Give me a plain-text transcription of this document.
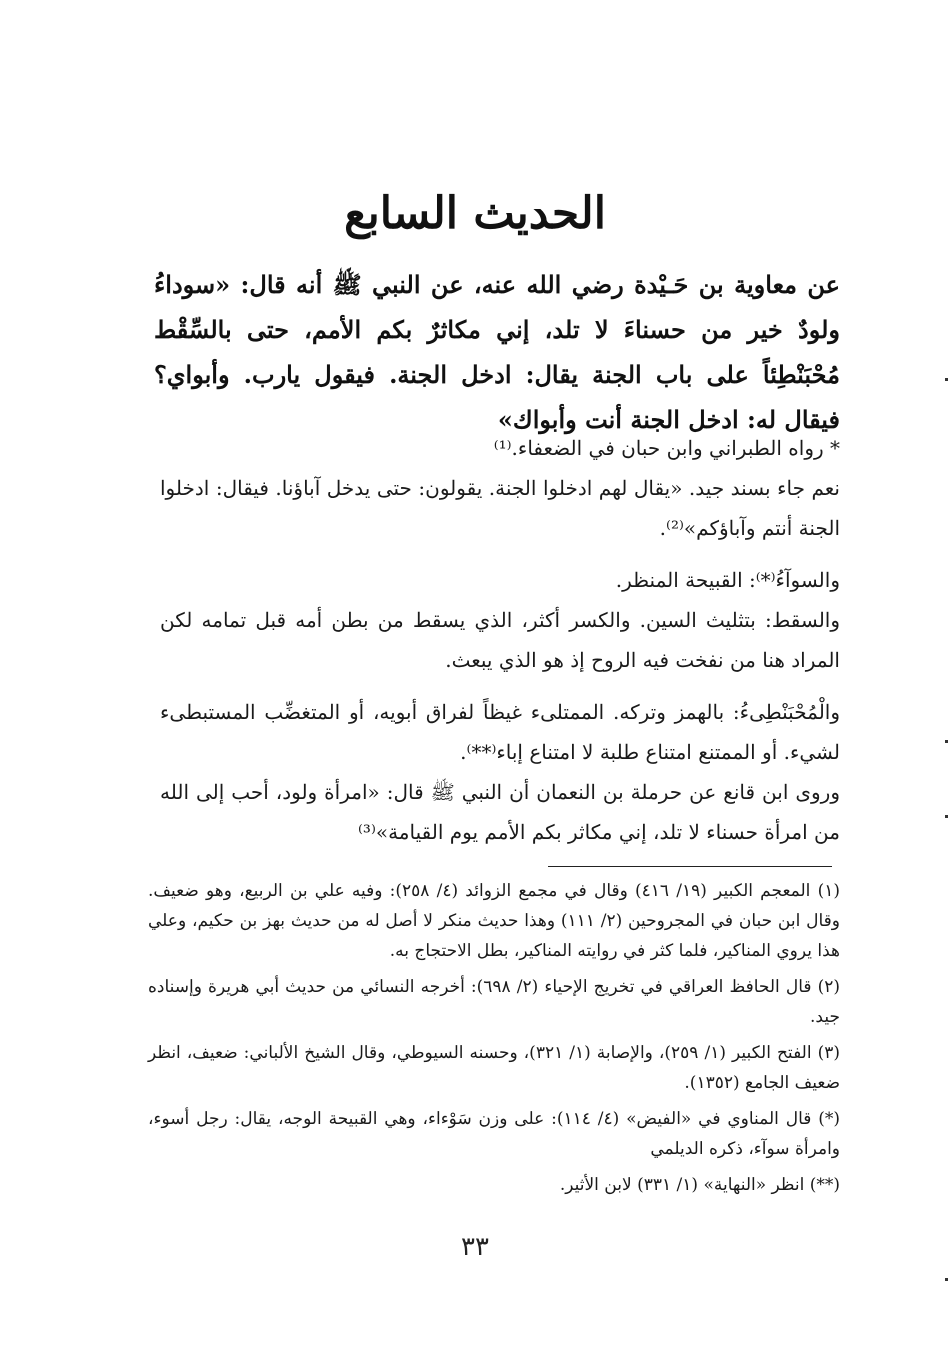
الحديث السابع

عن معاوية بن حَـيْدة رضي الله عنه، عن النبي ﷺ أنه قال: «سوداءُ ولودٌ خير من حسناءَ لا تلد، إني مكاثرٌ بكم الأمم، حتى بالسِّقْط مُحْبَنْطِئاً على باب الجنة يقال: ادخل الجنة. فيقول يارب. وأبواي؟ فيقال له: ادخل الجنة أنت وأبواك»

* رواه الطبراني وابن حبان في الضعفاء.⁽¹⁾

نعم جاء بسند جيد. «يقال لهم ادخلوا الجنة. يقولون: حتى يدخل آباؤنا. فيقال: ادخلوا الجنة أنتم وآباؤكم»⁽²⁾.

والسوآءُ⁽*⁾: القبيحة المنظر.

والسقط: بتثليث السين. والكسر أكثر، الذي يسقط من بطن أمه قبل تمامه لكن المراد هنا من نفخت فيه الروح إذ هو الذي يبعث.

والْمُحْبَنْطِىءُ: بالهمز وتركه. الممتلىء غيظاً لفراق أبويه، أو المتغضِّب المستبطىء لشيء. أو الممتنع امتناع طلبة لا امتناع إباء⁽**⁾.

وروى ابن قانع عن حرملة بن النعمان أن النبي ﷺ قال: «امرأة ولود، أحب إلى الله من امرأة حسناء لا تلد، إني مكاثر بكم الأمم يوم القيامة»⁽³⁾

(١) المعجم الكبير (١٩/ ٤١٦) وقال في مجمع الزوائد (٤/ ٢٥٨): وفيه علي بن الربيع، وهو ضعيف. وقال ابن حبان في المجروحين (٢/ ١١١) وهذا حديث منكر لا أصل له من حديث بهز بن حكيم، وعلي هذا يروي المناكير، فلما كثر في روايته المناكير، بطل الاحتجاج به.

(٢) قال الحافظ العراقي في تخريج الإحياء (٢/ ٦٩٨): أخرجه النسائي من حديث أبي هريرة وإسناده جيد.

(٣) الفتح الكبير (١/ ٢٥٩)، والإصابة (١/ ٣٢١)، وحسنه السيوطي، وقال الشيخ الألباني: ضعيف، انظر ضعيف الجامع (١٣٥٢).

(*) قال المناوي في «الفيض» (٤/ ١١٤): على وزن سَوْءاء، وهي القبيحة الوجه، يقال: رجل أسوء، وامرأة سوآء، ذكره الديلمي

(**) انظر «النهاية» (١/ ٣٣١) لابن الأثير.

٣٣
